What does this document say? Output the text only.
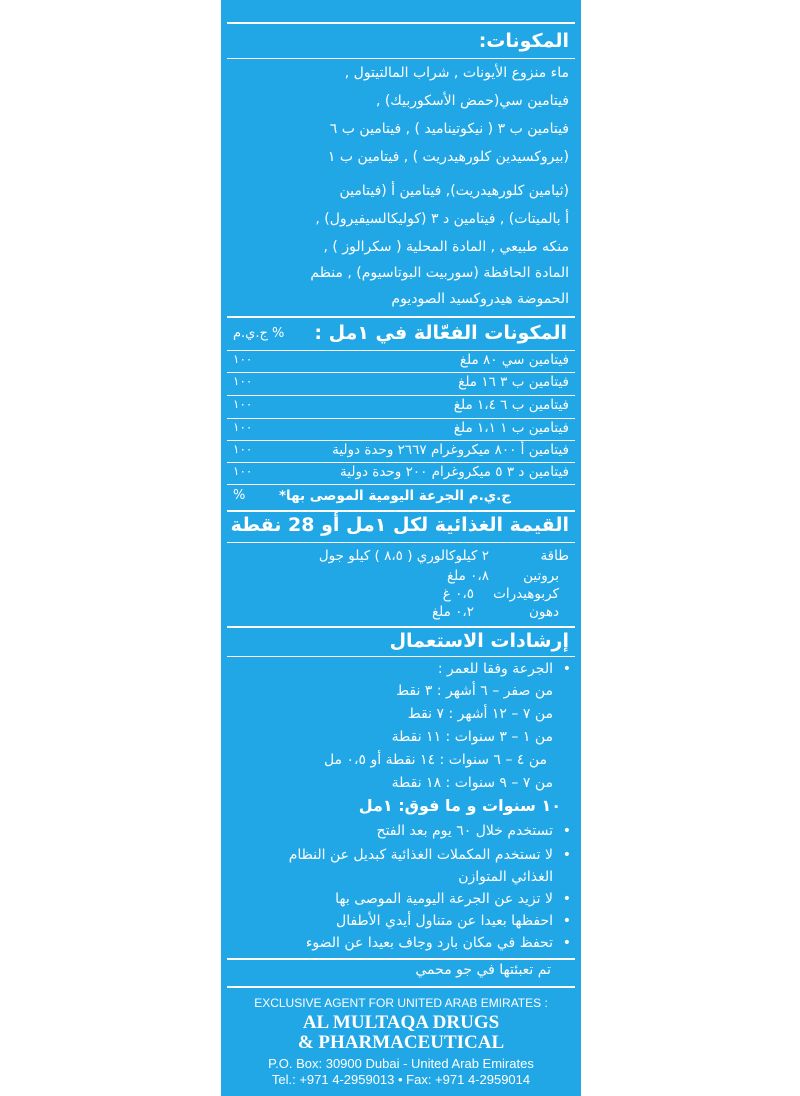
المكونات:
ماء منزوع الأيونات , شراب المالتيتول ,
فيتامين سي(حمض الأسكوربيك) ,
فيتامين ب ٣ ( نيكوتيناميد ) , فيتامين ب ٦
(بيروكسيدين كلورهيدريت ) , فيتامين ب ١
(ثيامين كلورهيدريت), فيتامين أ (فيتامين
أ بالميتات) , فيتامين د ٣ (كوليكالسيفيرول) ,
منكه طبيعي , المادة المحلية ( سكرالوز ) ,
المادة الحافظة (سوربيت البوتاسيوم) , منظم
الحموضة هيدروكسيد الصوديوم
المكونات الفعّالة في ١مل :
% ج.ي.م
فيتامين سي ٨٠ ملغ
١٠٠
فيتامين ب ٣ ١٦ ملغ
١٠٠
فيتامين ب ٦ ١،٤ ملغ
١٠٠
فيتامين ب ١ ١،١ ملغ
١٠٠
فيتامين أ ٨٠٠ ميكروغرام ٢٦٦٧ وحدة دولية
١٠٠
فيتامين د ٣ ٥ ميكروغرام ٢٠٠ وحدة دولية
١٠٠
ج.ي.م الجرعة اليومية الموصى بها*
%
القيمة الغذائية لكل ١مل أو 28 نقطة
طاقة
٢ كيلوكالوري ( ٨،٥ ) كيلو جول
بروتين
٠،٨ ملغ
كربوهيدرات
٠،٥ غ
دهون
٠،٢ ملغ
إرشادات الاستعمال
•
الجرعة وفقا للعمر :
من صفر – ٦ أشهر : ٣ نقط
من ٧ – ١٢ أشهر : ٧ نقط
من ١ – ٣ سنوات : ١١ نقطة
من ٤ – ٦ سنوات : ١٤ نقطة أو ٠،٥ مل
من ٧ – ٩ سنوات : ١٨ نقطة
١٠ سنوات و ما فوق: ١مل
•
تستخدم خلال ٦٠ يوم بعد الفتح
•
لا تستخدم المكملات الغذائية كبديل عن النظام الغذائي المتوازن
•
لا تزيد عن الجرعة اليومية الموصى بها
•
احفظها بعيدا عن متناول أيدي الأطفال
•
تحفظ في مكان بارد وجاف بعيدا عن الضوء
تم تعبئتها في جو محمي
EXCLUSIVE AGENT FOR UNITED ARAB EMIRATES :
AL MULTAQA DRUGS
& PHARMACEUTICAL
P.O. Box: 30900 Dubai - United Arab Emirates
Tel.: +971 4-2959013 • Fax: +971 4-2959014
